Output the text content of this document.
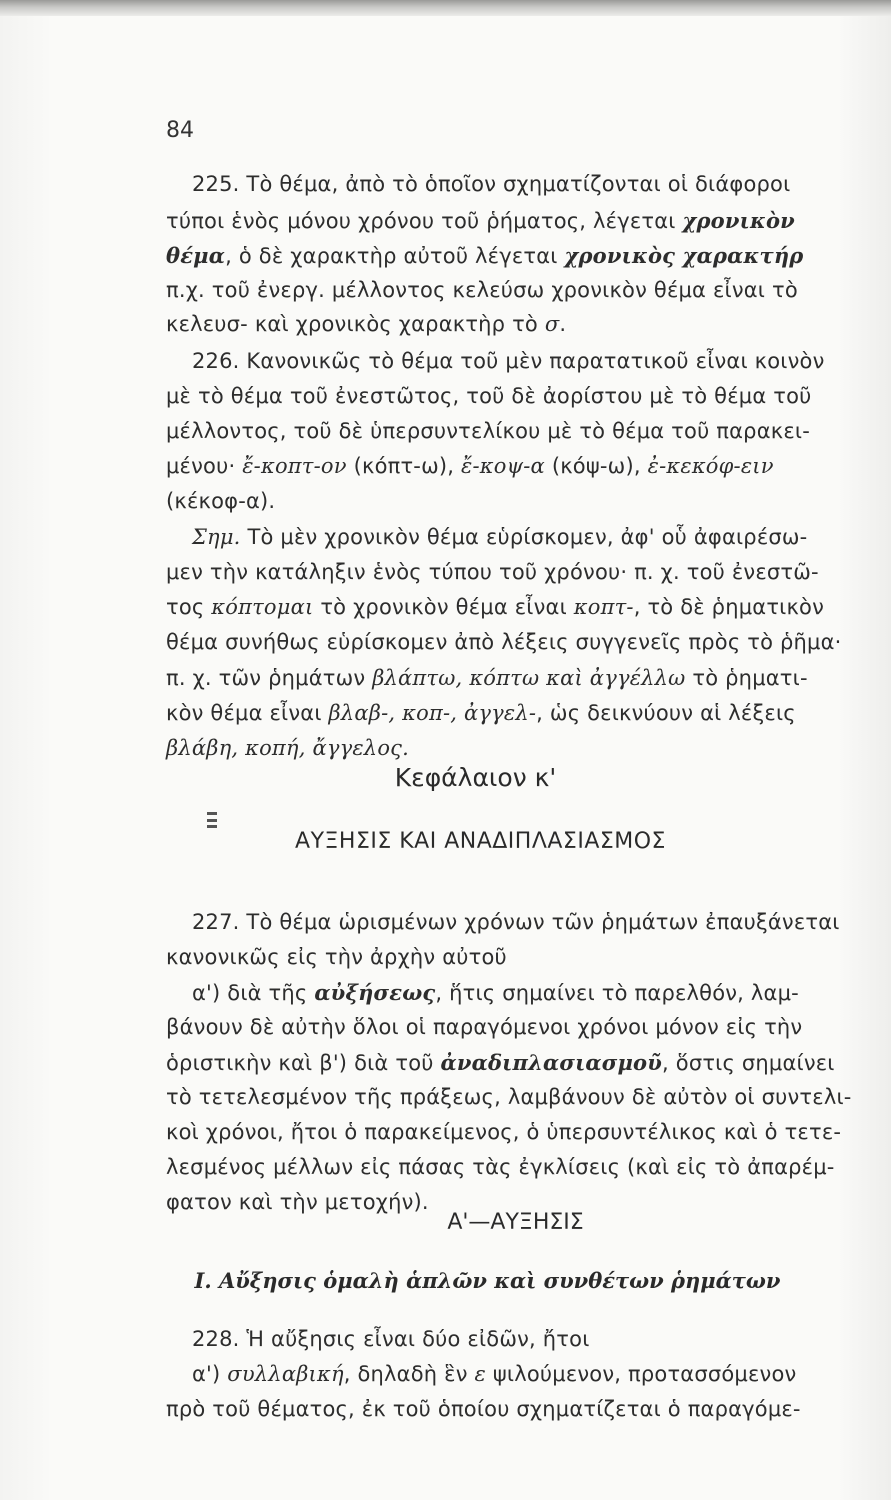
84
225. Τὸ θέμα, ἀπὸ τὸ ὁποῖον σχηματίζονται οἱ διάφοροι
τύποι ἑνὸς μόνου χρόνου τοῦ ῥήματος, λέγεται χρονικὸν
θέμα, ὁ δὲ χαρακτὴρ αὐτοῦ λέγεται χρονικὸς χαρακτήρ
π.χ. τοῦ ἐνεργ. μέλλοντος κελεύσω χρονικὸν θέμα εἶναι τὸ
κελευσ- καὶ χρονικὸς χαρακτὴρ τὸ σ.
226. Κανονικῶς τὸ θέμα τοῦ μὲν παρατατικοῦ εἶναι κοινὸν
μὲ τὸ θέμα τοῦ ἐνεστῶτος, τοῦ δὲ ἀορίστου μὲ τὸ θέμα τοῦ
μέλλοντος, τοῦ δὲ ὑπερσυντελίκου μὲ τὸ θέμα τοῦ παρακει-
μένου· ἔ-κοπτ-ον (κόπτ-ω), ἔ-κοψ-α (κόψ-ω), ἐ-κεκόφ-ειν
(κέκοφ-α).
Σημ. Τὸ μὲν χρονικὸν θέμα εὑρίσκομεν, ἀφ' οὗ ἀφαιρέσω-
μεν τὴν κατάληξιν ἑνὸς τύπου τοῦ χρόνου· π. χ. τοῦ ἐνεστῶ-
τος κόπτομαι τὸ χρονικὸν θέμα εἶναι κοπτ-, τὸ δὲ ῥηματικὸν
θέμα συνήθως εὑρίσκομεν ἀπὸ λέξεις συγγενεῖς πρὸς τὸ ῥῆμα·
π. χ. τῶν ῥημάτων βλάπτω, κόπτω καὶ ἀγγέλλω τὸ ῥηματι-
κὸν θέμα εἶναι βλαβ-, κοπ-, ἀγγελ-, ὡς δεικνύουν αἱ λέξεις
βλάβη, κοπή, ἄγγελος.
227. Τὸ θέμα ὡρισμένων χρόνων τῶν ῥημάτων ἐπαυξάνεται
κανονικῶς εἰς τὴν ἀρχὴν αὐτοῦ
α') διὰ τῆς αὐξήσεως, ἥτις σημαίνει τὸ παρελθόν, λαμ-
βάνουν δὲ αὐτὴν ὅλοι οἱ παραγόμενοι χρόνοι μόνον εἰς τὴν
ὁριστικὴν καὶ β') διὰ τοῦ ἀναδιπλασιασμοῦ, ὅστις σημαίνει
τὸ τετελεσμένον τῆς πράξεως, λαμβάνουν δὲ αὐτὸν οἱ συντελι-
κοὶ χρόνοι, ἤτοι ὁ παρακείμενος, ὁ ὑπερσυντέλικος καὶ ὁ τετε-
λεσμένος μέλλων εἰς πάσας τὰς ἐγκλίσεις (καὶ εἰς τὸ ἀπαρέμ-
φατον καὶ τὴν μετοχήν).
228. Ἡ αὔξησις εἶναι δύο εἰδῶν, ἤτοι
α') συλλαβική, δηλαδὴ ἓν ε ψιλούμενον, προτασσόμενον
πρὸ τοῦ θέματος, ἐκ τοῦ ὁποίου σχηματίζεται ὁ παραγόμε-
Κεφάλαιον κ'
ΑΥΞΗΣΙΣ ΚΑΙ ΑΝΑΔΙΠΛΑΣΙΑΣΜΟΣ
Α'—ΑΥΞΗΣΙΣ
Ι. Αὔξησις ὁμαλὴ ἁπλῶν καὶ συνθέτων ῥημάτων
